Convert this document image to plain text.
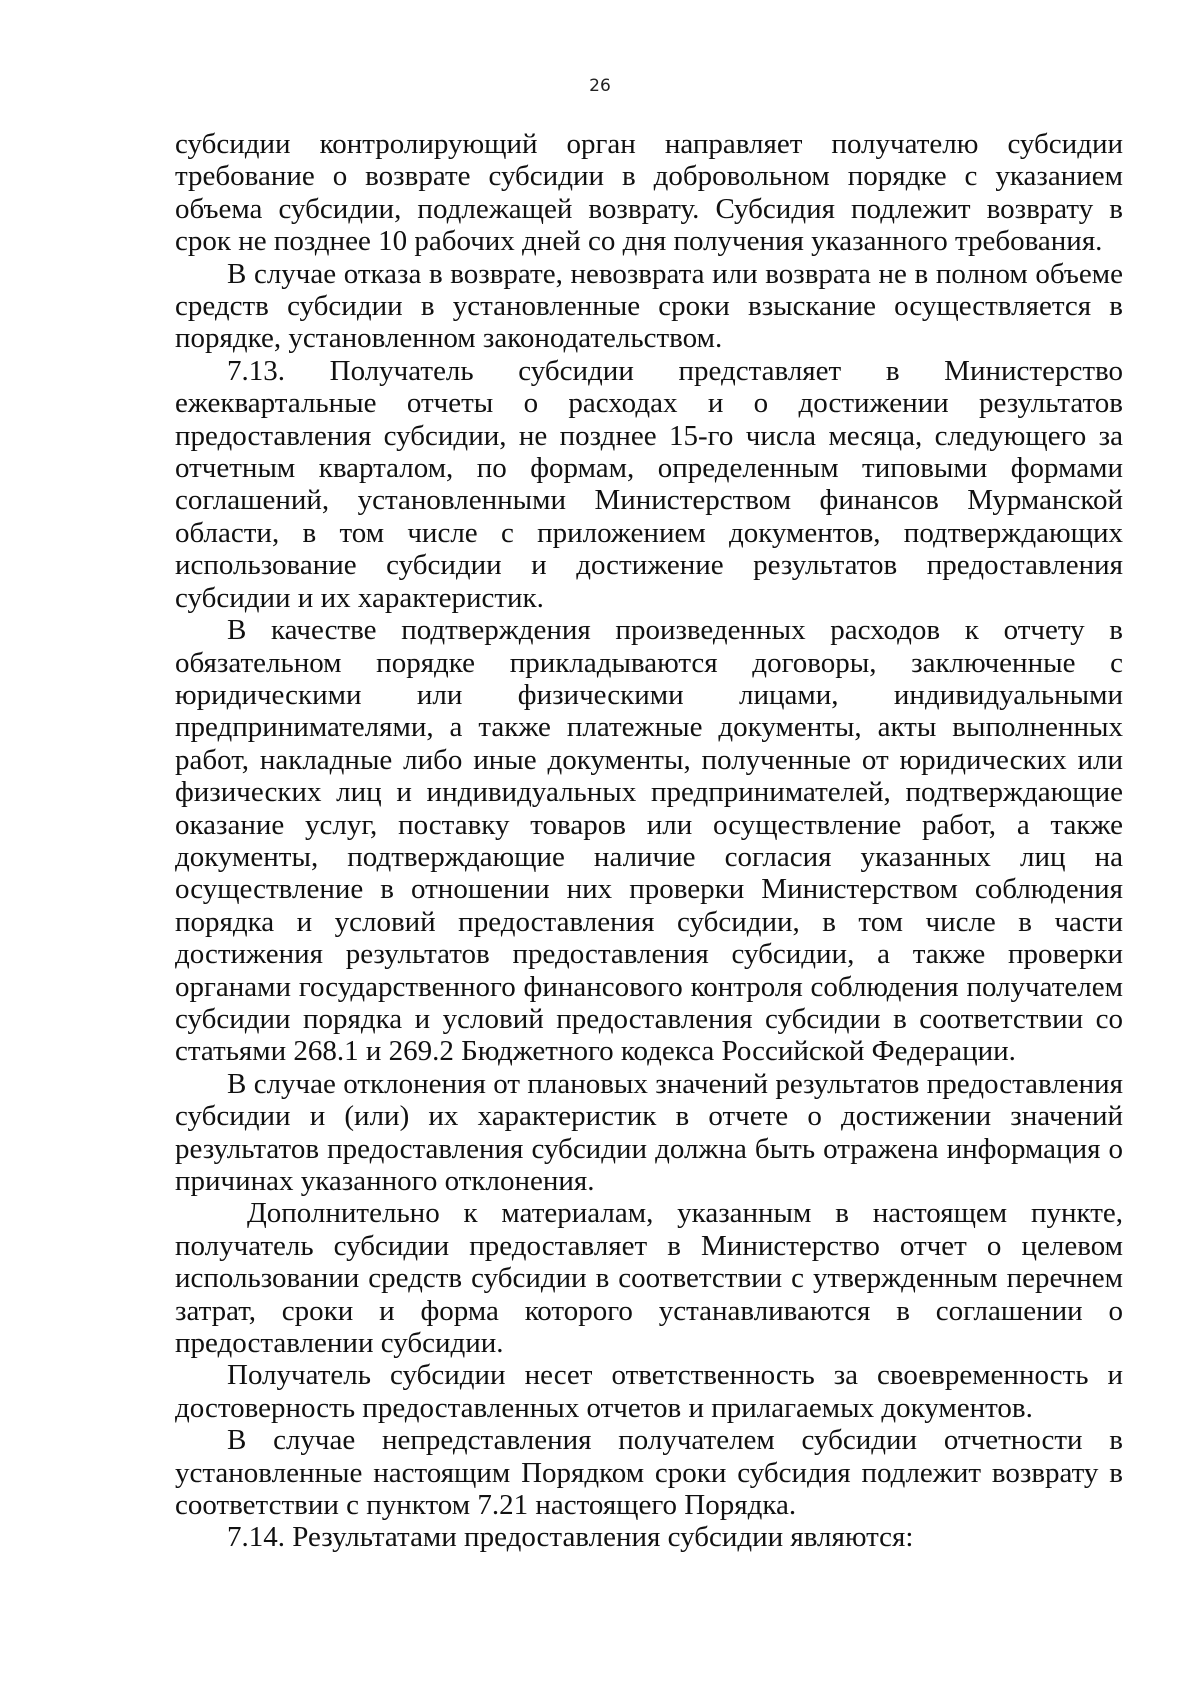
26

субсидии контролирующий орган направляет получателю субсидии требование о возврате субсидии в добровольном порядке с указанием объема субсидии, подлежащей возврату. Субсидия подлежит возврату в срок не позднее 10 рабочих дней со дня получения указанного требования.

В случае отказа в возврате, невозврата или возврата не в полном объеме средств субсидии в установленные сроки взыскание осуществляется в порядке, установленном законодательством.

7.13. Получатель субсидии представляет в Министерство ежеквартальные отчеты о расходах и о достижении результатов предоставления субсидии, не позднее 15-го числа месяца, следующего за отчетным кварталом, по формам, определенным типовыми формами соглашений, установленными Министерством финансов Мурманской области, в том числе с приложением документов, подтверждающих использование субсидии и достижение результатов предоставления субсидии и их характеристик.

В качестве подтверждения произведенных расходов к отчету в обязательном порядке прикладываются договоры, заключенные с юридическими или физическими лицами, индивидуальными предпринимателями, а также платежные документы, акты выполненных работ, накладные либо иные документы, полученные от юридических или физических лиц и индивидуальных предпринимателей, подтверждающие оказание услуг, поставку товаров или осуществление работ, а также документы, подтверждающие наличие согласия указанных лиц на осуществление в отношении них проверки Министерством соблюдения порядка и условий предоставления субсидии, в том числе в части достижения результатов предоставления субсидии, а также проверки органами государственного финансового контроля соблюдения получателем субсидии порядка и условий предоставления субсидии в соответствии со статьями 268.1 и 269.2 Бюджетного кодекса Российской Федерации.

В случае отклонения от плановых значений результатов предоставления субсидии и (или) их характеристик в отчете о достижении значений результатов предоставления субсидии должна быть отражена информация о причинах указанного отклонения.

Дополнительно к материалам, указанным в настоящем пункте, получатель субсидии предоставляет в Министерство отчет о целевом использовании средств субсидии в соответствии с утвержденным перечнем затрат, сроки и форма которого устанавливаются в соглашении о предоставлении субсидии.

Получатель субсидии несет ответственность за своевременность и достоверность предоставленных отчетов и прилагаемых документов.

В случае непредставления получателем субсидии отчетности в установленные настоящим Порядком сроки субсидия подлежит возврату в соответствии с пунктом 7.21 настоящего Порядка.

7.14. Результатами предоставления субсидии являются:
